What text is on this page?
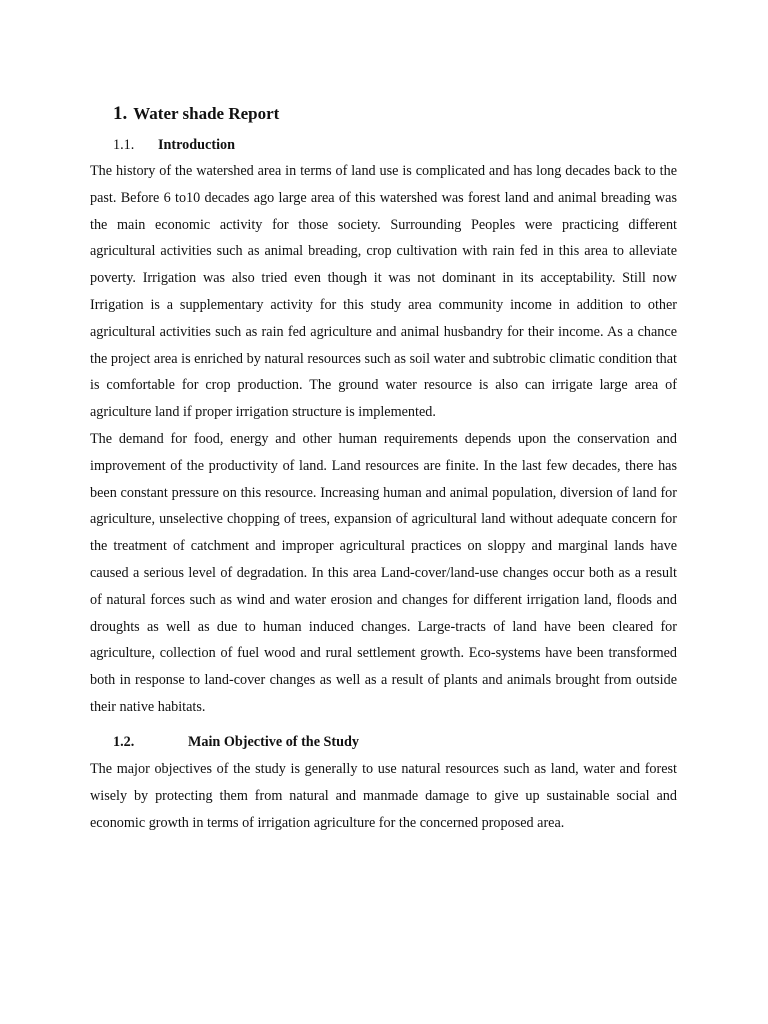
1. Water shade Report
1.1. Introduction

The history of the watershed area in terms of land use is complicated and has long decades back to the past. Before 6 to10 decades ago large area of this watershed was forest land and animal breading was the main economic activity for those society. Surrounding Peoples were practicing different agricultural activities such as animal breading, crop cultivation with rain fed in this area to alleviate poverty. Irrigation was also tried even though it was not dominant in its acceptability. Still now Irrigation is a supplementary activity for this study area community income in addition to other agricultural activities such as rain fed agriculture and animal husbandry for their income. As a chance the project area is enriched by natural resources such as soil water and subtrobic climatic condition that is comfortable for crop production. The ground water resource is also can irrigate large area of agriculture land if proper irrigation structure is implemented.

The demand for food, energy and other human requirements depends upon the conservation and improvement of the productivity of land. Land resources are finite. In the last few decades, there has been constant pressure on this resource. Increasing human and animal population, diversion of land for agriculture, unselective chopping of trees, expansion of agricultural land without adequate concern for the treatment of catchment and improper agricultural practices on sloppy and marginal lands have caused a serious level of degradation. In this area Land-cover/land-use changes occur both as a result of natural forces such as wind and water erosion and changes for different irrigation land, floods and droughts as well as due to human induced changes. Large-tracts of land have been cleared for agriculture, collection of fuel wood and rural settlement growth. Eco-systems have been transformed both in response to land-cover changes as well as a result of plants and animals brought from outside their native habitats.

1.2.	Main Objective of the Study

The major objectives of the study is generally to use natural resources such as land, water and forest wisely by protecting them from natural and manmade damage to give up sustainable social and economic growth in terms of irrigation agriculture for the concerned proposed area.
